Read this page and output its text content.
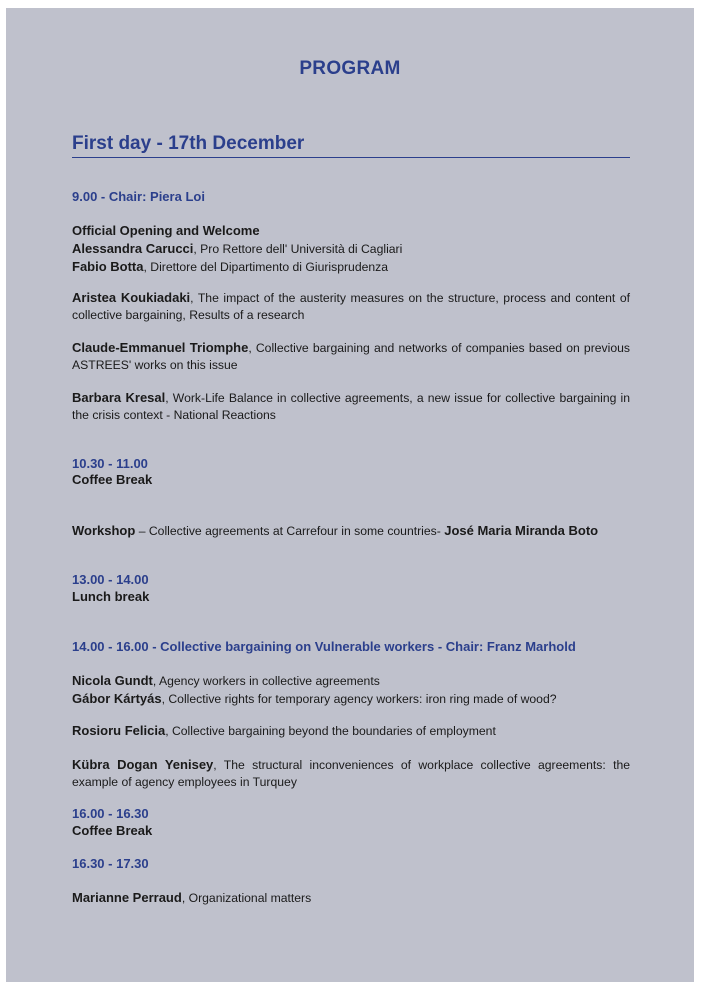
PROGRAM
First day - 17th December
9.00 - Chair: Piera Loi
Official Opening and Welcome
Alessandra Carucci, Pro Rettore dell' Università di Cagliari
Fabio Botta, Direttore del Dipartimento di Giurisprudenza
Aristea Koukiadaki, The impact of the austerity measures on the structure, process and content of collective bargaining, Results of a research
Claude-Emmanuel Triomphe, Collective bargaining and networks of companies based on previous ASTREES' works on this issue
Barbara Kresal, Work-Life Balance in collective agreements, a new issue for collective bargaining in the crisis context - National Reactions
10.30 - 11.00
Coffee Break
Workshop – Collective agreements at Carrefour in some countries- José Maria Miranda Boto
13.00 - 14.00
Lunch break
14.00 - 16.00 - Collective bargaining on Vulnerable workers - Chair: Franz Marhold
Nicola Gundt, Agency workers in collective agreements
Gábor Kártyás, Collective rights for temporary agency workers: iron ring made of wood?
Rosioru Felicia, Collective bargaining beyond the boundaries of employment
Kübra Dogan Yenisey, The structural inconveniences of workplace collective agreements: the example of agency employees in Turquey
16.00 - 16.30
Coffee Break
16.30 - 17.30
Marianne Perraud, Organizational matters
